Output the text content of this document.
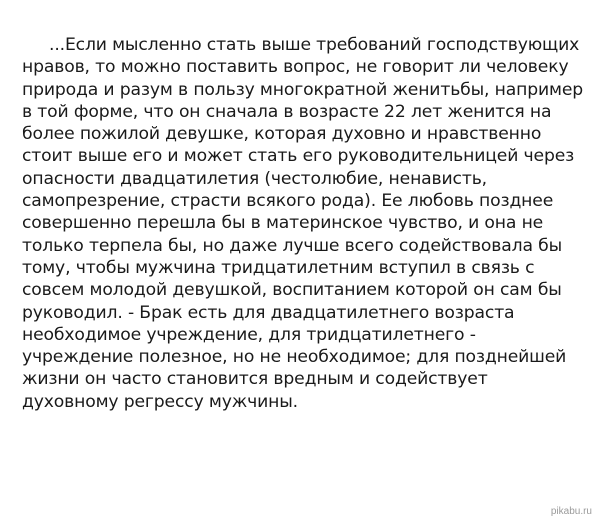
...Если мысленно стать выше требований господствующих
нравов, то можно поставить вопрос, не говорит ли человеку
природа и разум в пользу многократной женитьбы, например
в той форме, что он сначала в возрасте 22 лет женится на
более пожилой девушке, которая духовно и нравственно
стоит выше его и может стать его руководительницей через
опасности двадцатилетия (честолюбие, ненависть,
самопрезрение, страсти всякого рода). Ее любовь позднее
совершенно перешла бы в материнское чувство, и она не
только терпела бы, но даже лучше всего содействовала бы
тому, чтобы мужчина тридцатилетним вступил в связь с
совсем молодой девушкой, воспитанием которой он сам бы
руководил. - Брак есть для двадцатилетнего возраста
необходимое учреждение, для тридцатилетнего -
учреждение полезное, но не необходимое; для позднейшей
жизни он часто становится вредным и содействует
духовному регрессу мужчины.
pikabu.ru
